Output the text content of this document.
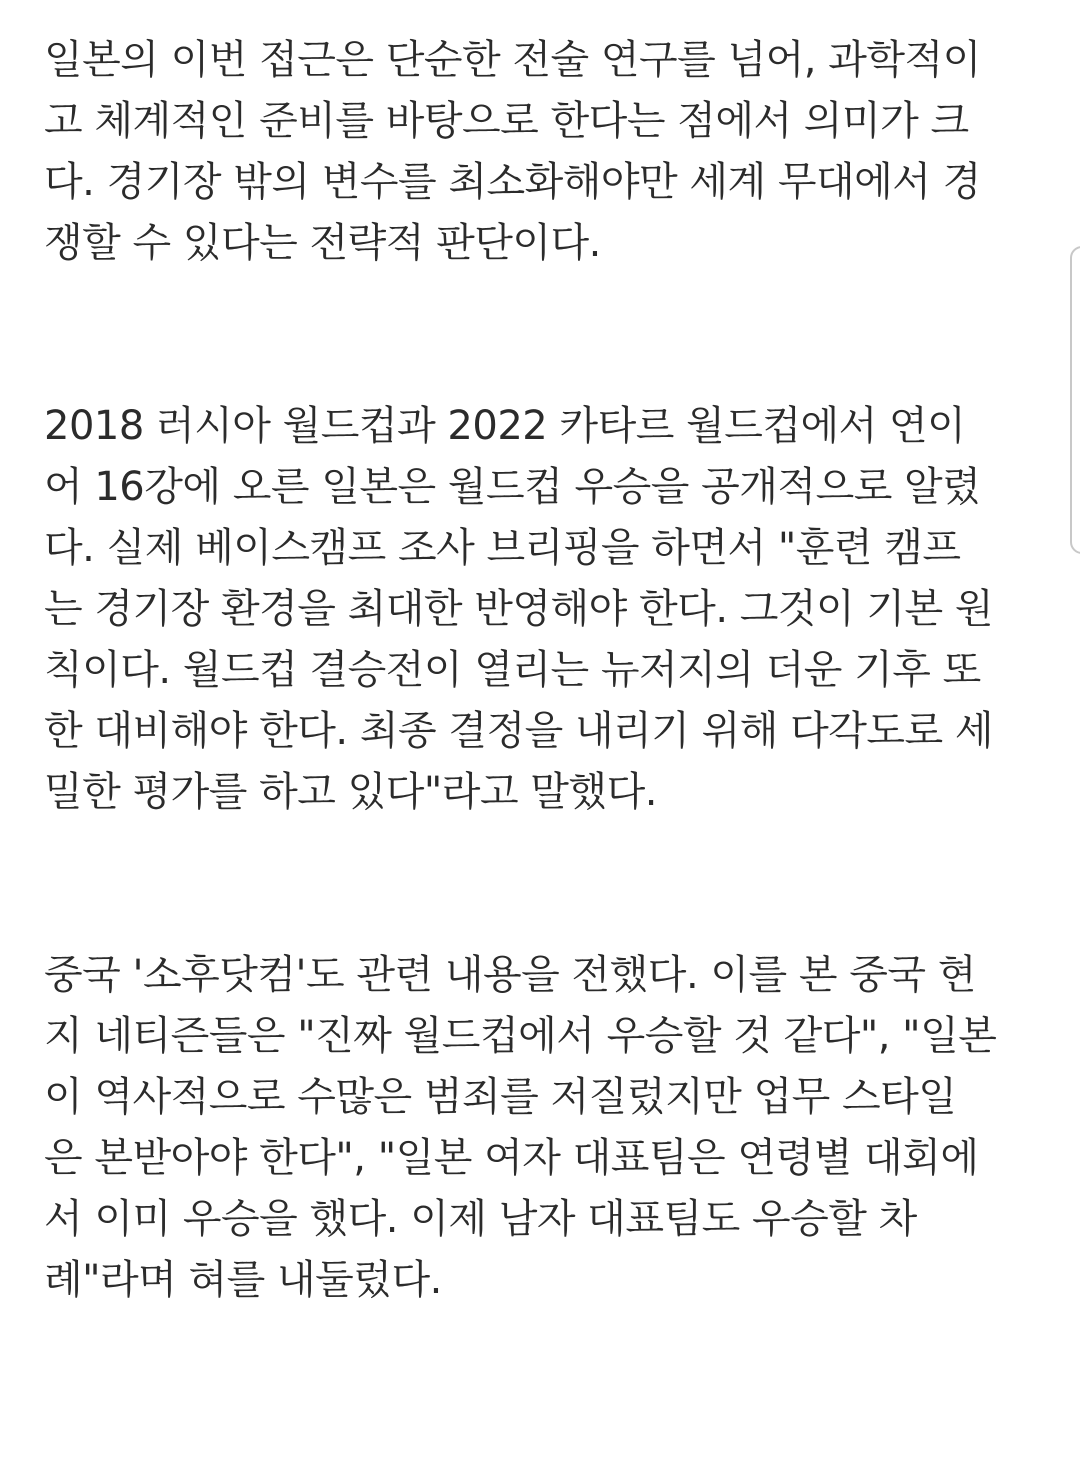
일본의 이번 접근은 단순한 전술 연구를 넘어, 과학적이
고 체계적인 준비를 바탕으로 한다는 점에서 의미가 크
다. 경기장 밖의 변수를 최소화해야만 세계 무대에서 경
쟁할 수 있다는 전략적 판단이다.
2018 러시아 월드컵과 2022 카타르 월드컵에서 연이
어 16강에 오른 일본은 월드컵 우승을 공개적으로 알렸
다. 실제 베이스캠프 조사 브리핑을 하면서 "훈련 캠프
는 경기장 환경을 최대한 반영해야 한다. 그것이 기본 원
칙이다. 월드컵 결승전이 열리는 뉴저지의 더운 기후 또
한 대비해야 한다. 최종 결정을 내리기 위해 다각도로 세
밀한 평가를 하고 있다"라고 말했다.
중국 '소후닷컴'도 관련 내용을 전했다. 이를 본 중국 현
지 네티즌들은 "진짜 월드컵에서 우승할 것 같다", "일본
이 역사적으로 수많은 범죄를 저질렀지만 업무 스타일
은 본받아야 한다", "일본 여자 대표팀은 연령별 대회에
서 이미 우승을 했다. 이제 남자 대표팀도 우승할 차
례"라며 혀를 내둘렀다.
